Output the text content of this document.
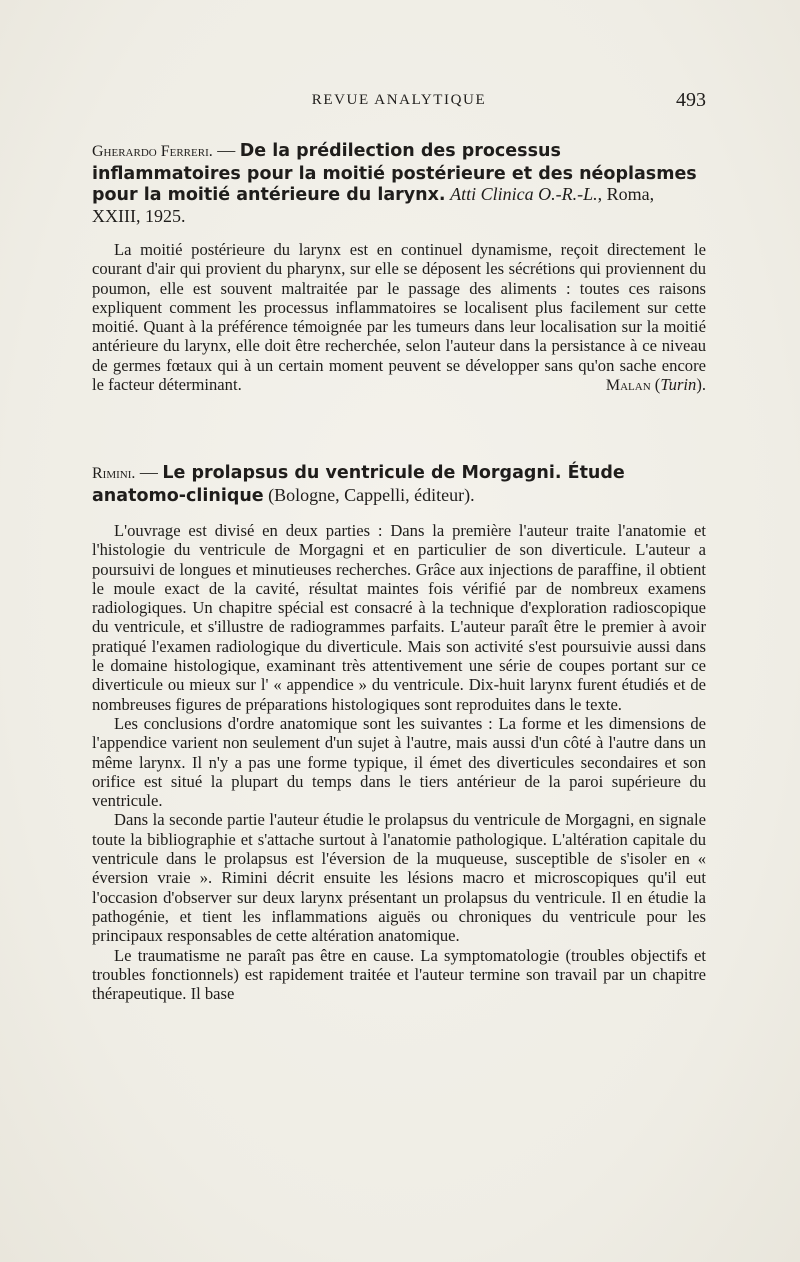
REVUE ANALYTIQUE	493

Gherardo Ferreri. — De la prédilection des processus inflammatoires pour la moitié postérieure et des néoplasmes pour la moitié antérieure du larynx. Atti Clinica O.-R.-L., Roma, XXIII, 1925.

La moitié postérieure du larynx est en continuel dynamisme, reçoit directement le courant d'air qui provient du pharynx, sur elle se déposent les sécrétions qui proviennent du poumon, elle est souvent maltraitée par le passage des aliments : toutes ces raisons expliquent comment les processus inflammatoires se localisent plus facilement sur cette moitié. Quant à la préférence témoignée par les tumeurs dans leur localisation sur la moitié antérieure du larynx, elle doit être recherchée, selon l'auteur dans la persistance à ce niveau de germes fœtaux qui à un certain moment peuvent se développer sans qu'on sache encore le facteur déterminant.	Malan (Turin).

Rimini. — Le prolapsus du ventricule de Morgagni. Étude anatomo-clinique (Bologne, Cappelli, éditeur).

L'ouvrage est divisé en deux parties : Dans la première l'auteur traite l'anatomie et l'histologie du ventricule de Morgagni et en particulier de son diverticule. L'auteur a poursuivi de longues et minutieuses recherches. Grâce aux injections de paraffine, il obtient le moule exact de la cavité, résultat maintes fois vérifié par de nombreux examens radiologiques. Un chapitre spécial est consacré à la technique d'exploration radioscopique du ventricule, et s'illustre de radiogrammes parfaits. L'auteur paraît être le premier à avoir pratiqué l'examen radiologique du diverticule. Mais son activité s'est poursuivie aussi dans le domaine histologique, examinant très attentivement une série de coupes portant sur ce diverticule ou mieux sur l' « appendice » du ventricule. Dix-huit larynx furent étudiés et de nombreuses figures de préparations histologiques sont reproduites dans le texte.

Les conclusions d'ordre anatomique sont les suivantes : La forme et les dimensions de l'appendice varient non seulement d'un sujet à l'autre, mais aussi d'un côté à l'autre dans un même larynx. Il n'y a pas une forme typique, il émet des diverticules secondaires et son orifice est situé la plupart du temps dans le tiers antérieur de la paroi supérieure du ventricule.

Dans la seconde partie l'auteur étudie le prolapsus du ventricule de Morgagni, en signale toute la bibliographie et s'attache surtout à l'anatomie pathologique. L'altération capitale du ventricule dans le prolapsus est l'éversion de la muqueuse, susceptible de s'isoler en « éversion vraie ». Rimini décrit ensuite les lésions macro et microscopiques qu'il eut l'occasion d'observer sur deux larynx présentant un prolapsus du ventricule. Il en étudie la pathogénie, et tient les inflammations aiguës ou chroniques du ventricule pour les principaux responsables de cette altération anatomique.

Le traumatisme ne paraît pas être en cause. La symptomatologie (troubles objectifs et troubles fonctionnels) est rapidement traitée et l'auteur termine son travail par un chapitre thérapeutique. Il base
